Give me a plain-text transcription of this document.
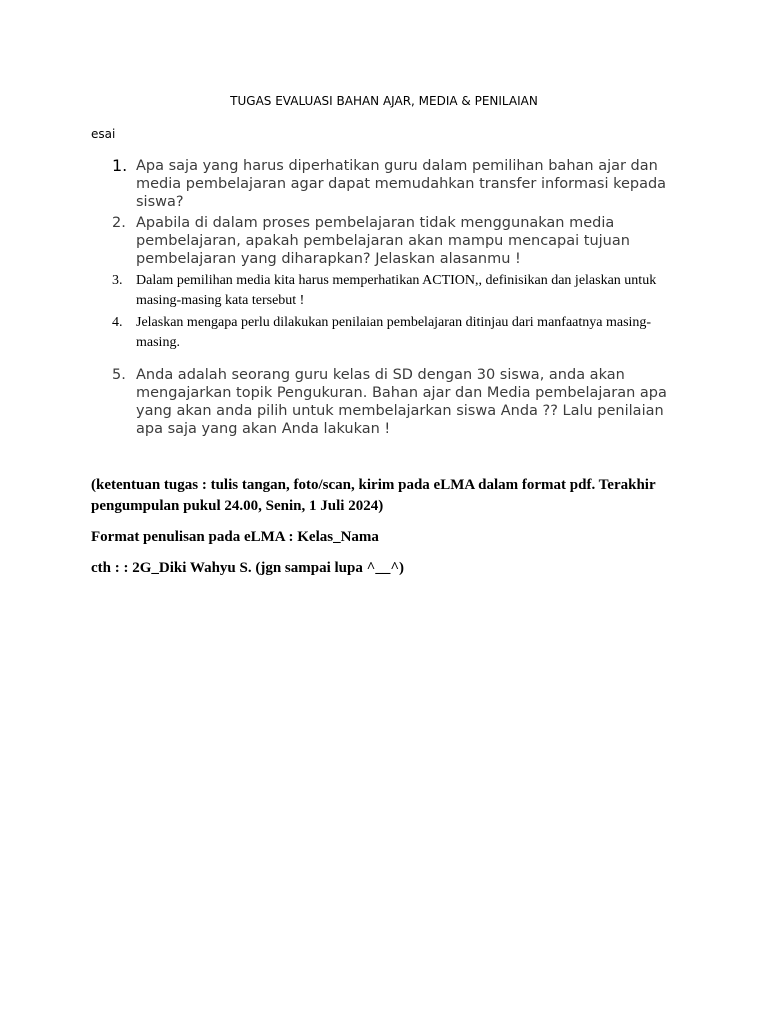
TUGAS EVALUASI BAHAN AJAR, MEDIA & PENILAIAN

esai

1. Apa saja yang harus diperhatikan guru dalam pemilihan bahan ajar dan media pembelajaran agar dapat memudahkan transfer informasi kepada siswa?
2. Apabila di dalam proses pembelajaran tidak menggunakan media pembelajaran, apakah pembelajaran akan mampu mencapai tujuan pembelajaran yang diharapkan? Jelaskan alasanmu !
3. Dalam pemilihan media kita harus memperhatikan ACTION,, definisikan dan jelaskan untuk masing-masing kata tersebut !
4. Jelaskan mengapa perlu dilakukan penilaian pembelajaran ditinjau dari manfaatnya masing-masing.
5. Anda adalah seorang guru kelas di SD dengan 30 siswa, anda akan mengajarkan topik Pengukuran. Bahan ajar dan Media pembelajaran apa yang akan anda pilih untuk membelajarkan siswa Anda ?? Lalu penilaian apa saja yang akan Anda lakukan !

(ketentuan tugas : tulis tangan, foto/scan, kirim pada eLMA dalam format pdf. Terakhir pengumpulan pukul 24.00, Senin, 1 Juli 2024)

Format penulisan pada eLMA : Kelas_Nama

cth : : 2G_Diki Wahyu S. (jgn sampai lupa ^__^)
